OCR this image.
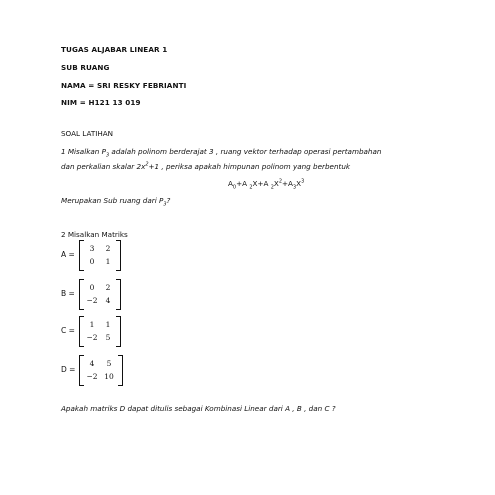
TUGAS ALJABAR LINEAR 1
SUB RUANG
NAMA = SRI RESKY FEBRIANTI
NIM = H121 13 019
SOAL LATIHAN
1 Misalkan $P_3$ adalah polinom berderajat 3 , ruang vektor terhadap operasi pertambahan
dan perkalian skalar $2x^2+1$ , periksa apakah himpunan polinom yang berbentuk
$A_0+A$ $_2$X+A $_2X^2+A_3X^3$
Merupakan Sub ruang dari $P_3$?
2 Misalkan Matriks
A =
3	2
0	1
B =
0	2
−2	4
C =
1	1
−2	5
D =
4	5
−2 10
Apakah matriks D dapat ditulis sebagai Kombinasi Linear dari A , B , dan C ?
